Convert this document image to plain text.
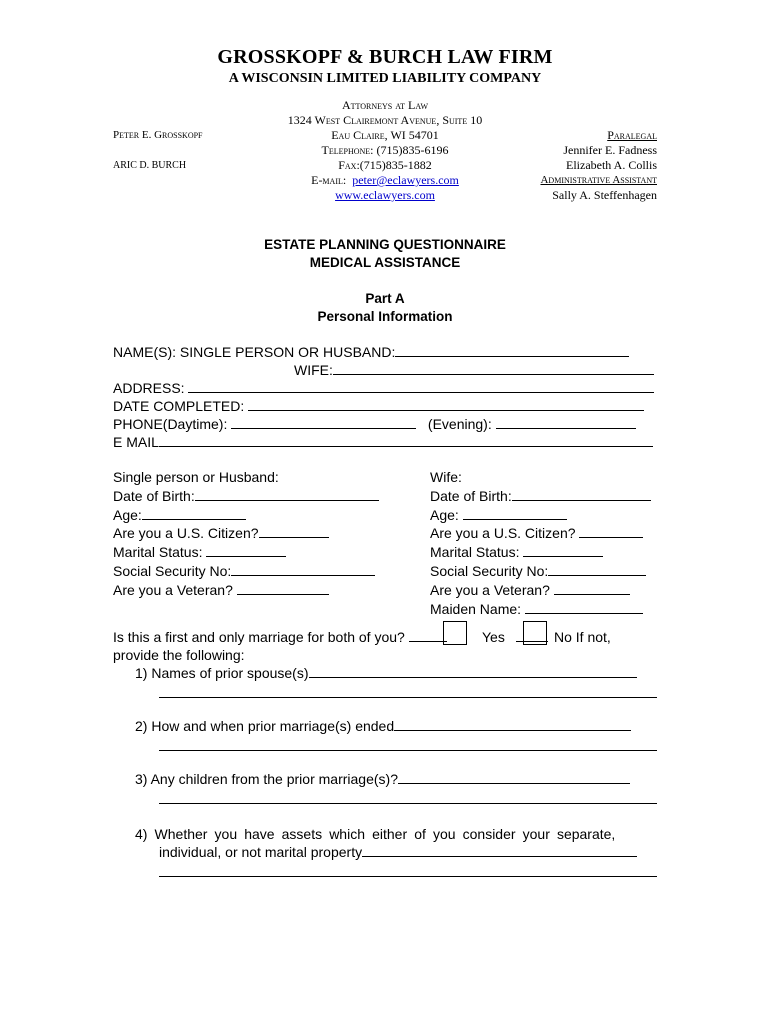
GROSSKOPF & BURCH LAW FIRM
A WISCONSIN LIMITED LIABILITY COMPANY
Attorneys at Law
1324 West Clairemont Avenue, Suite 10
Eau Claire, WI 54701
Telephone: (715)835-6196
Fax:(715)835-1882
E-mail: peter@eclawyers.com
www.eclawyers.com
Peter E. Grosskopf
ARIC D. BURCH
Paralegal
Jennifer E. Fadness
Elizabeth A. Collis
Administrative Assistant
Sally A. Steffenhagen
ESTATE PLANNING QUESTIONNAIRE
MEDICAL ASSISTANCE
Part A
Personal Information
NAME(S): SINGLE PERSON OR HUSBAND:
WIFE:
ADDRESS:
DATE COMPLETED:
PHONE(Daytime):	(Evening):
E MAIL
Single person or Husband:
Date of Birth:
Age:
Are you a U.S. Citizen?
Marital Status:
Social Security No:
Are you a Veteran?
Wife:
Date of Birth:
Age:
Are you a U.S. Citizen?
Marital Status:
Social Security No:
Are you a Veteran?
Maiden Name:
Is this a first and only marriage for both of you?	Yes	No If not,
provide the following:
1) Names of prior spouse(s)
2) How and when prior marriage(s) ended
3) Any children from the prior marriage(s)?
4) Whether you have assets which either of you consider your separate,
individual, or not marital property
